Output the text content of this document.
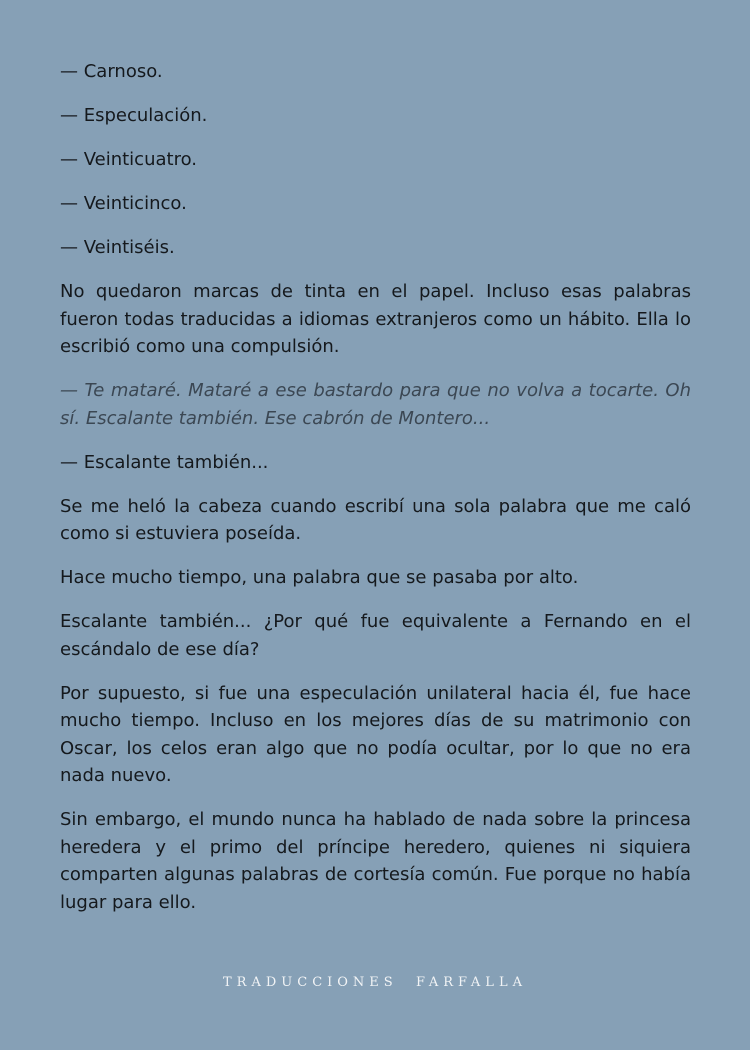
— Carnoso.

— Especulación.

— Veinticuatro.

— Veinticinco.

— Veintiséis.

No quedaron marcas de tinta en el papel. Incluso esas palabras fueron todas traducidas a idiomas extranjeros como un hábito. Ella lo escribió como una compulsión.

— Te mataré. Mataré a ese bastardo para que no volva a tocarte. Oh sí. Escalante también. Ese cabrón de Montero...

— Escalante también...

Se me heló la cabeza cuando escribí una sola palabra que me caló como si estuviera poseída.

Hace mucho tiempo, una palabra que se pasaba por alto.

Escalante también... ¿Por qué fue equivalente a Fernando en el escándalo de ese día?

Por supuesto, si fue una especulación unilateral hacia él, fue hace mucho tiempo. Incluso en los mejores días de su matrimonio con Oscar, los celos eran algo que no podía ocultar, por lo que no era nada nuevo.

Sin embargo, el mundo nunca ha hablado de nada sobre la princesa heredera y el primo del príncipe heredero, quienes ni siquiera comparten algunas palabras de cortesía común. Fue porque no había lugar para ello.

TRADUCCIONES  FARFALLA
